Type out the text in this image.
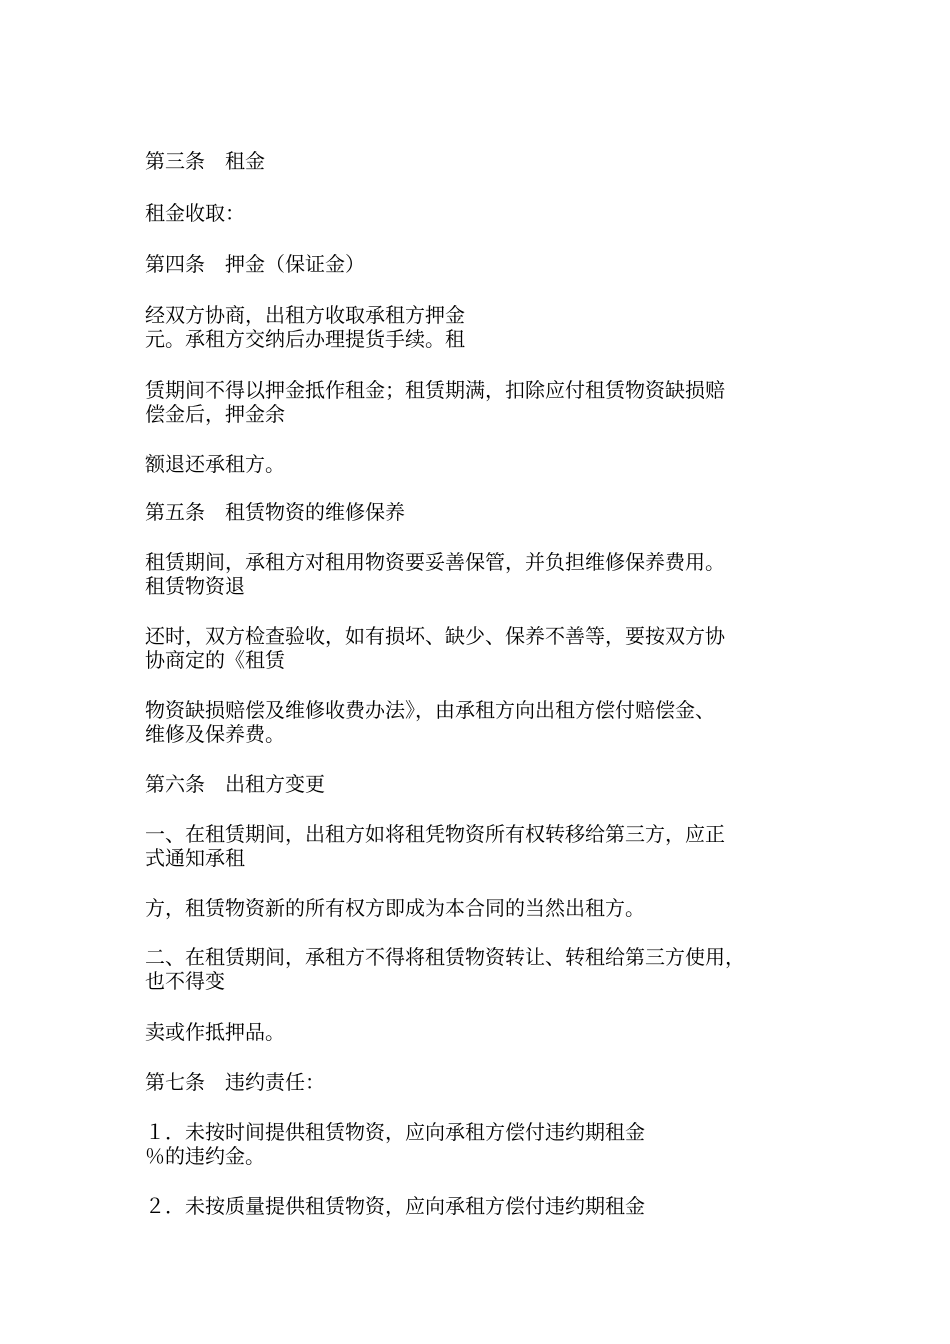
第三条　租金

租金收取：

第四条　押金（保证金）

经双方协商，出租方收取承租方押金
元。承租方交纳后办理提货手续。租

赁期间不得以押金抵作租金；租赁期满，扣除应付租赁物资缺损赔
偿金后，押金余

额退还承租方。

第五条　租赁物资的维修保养

租赁期间，承租方对租用物资要妥善保管，并负担维修保养费用。
租赁物资退

还时，双方检查验收，如有损坏、缺少、保养不善等，要按双方协
协商定的《租赁

物资缺损赔偿及维修收费办法》，由承租方向出租方偿付赔偿金、
维修及保养费。

第六条　出租方变更

一、在租赁期间，出租方如将租凭物资所有权转移给第三方，应正
式通知承租

方，租赁物资新的所有权方即成为本合同的当然出租方。

二、在租赁期间，承租方不得将租赁物资转让、转租给第三方使用，
也不得变

卖或作抵押品。

第七条　违约责任：

１．未按时间提供租赁物资，应向承租方偿付违约期租金
％的违约金。

２．未按质量提供租赁物资，应向承租方偿付违约期租金
